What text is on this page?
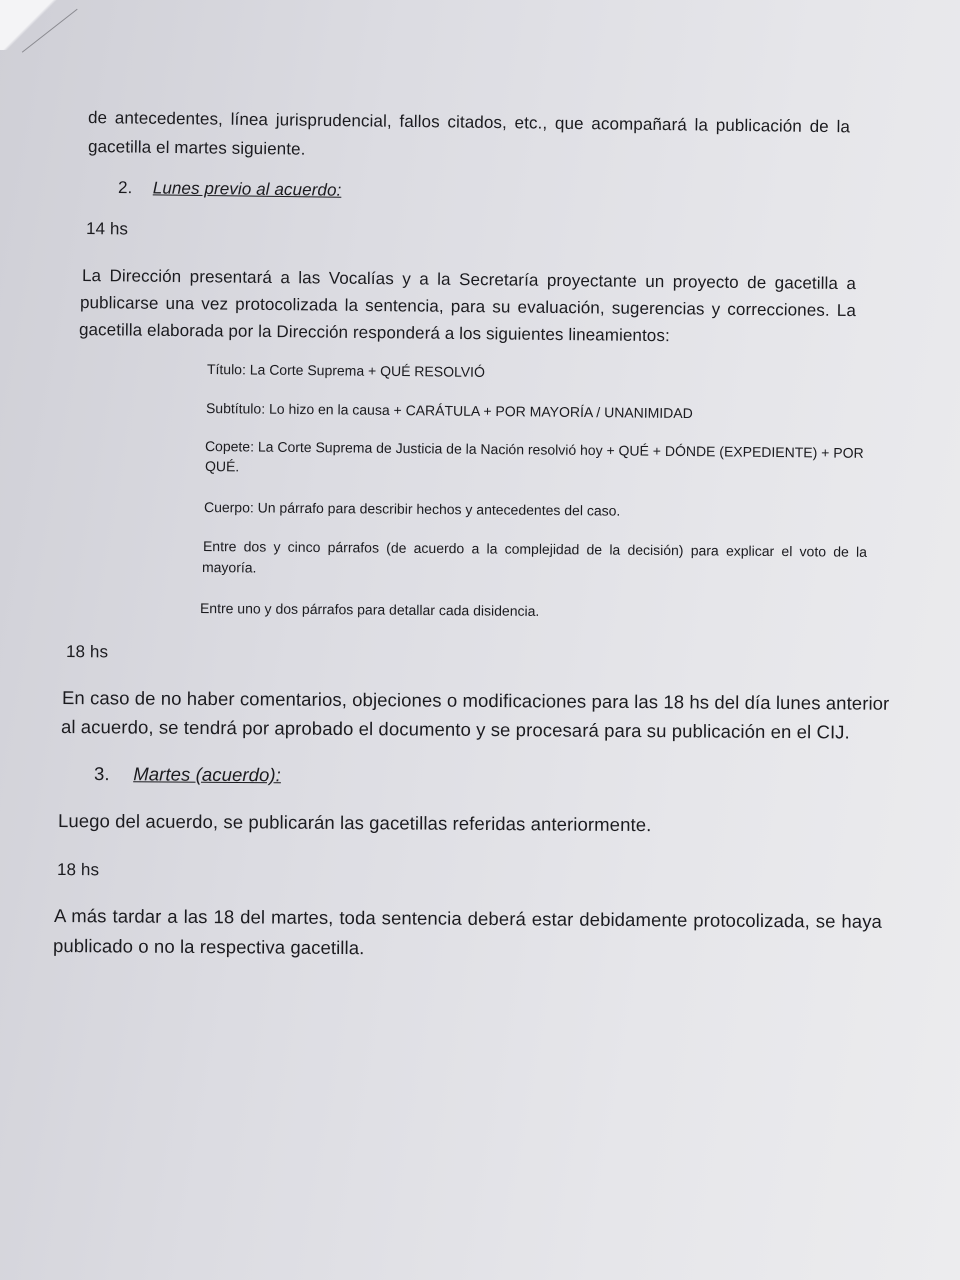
de antecedentes, línea jurisprudencial, fallos citados, etc., que acompañará la publicación de la
gacetilla el martes siguiente.
2. Lunes previo al acuerdo:
14 hs
La Dirección presentará a las Vocalías y a la Secretaría proyectante un proyecto de gacetilla a
publicarse una vez protocolizada la sentencia, para su evaluación, sugerencias y correcciones. La
gacetilla elaborada por la Dirección responderá a los siguientes lineamientos:
Título: La Corte Suprema + QUÉ RESOLVIÓ
Subtítulo: Lo hizo en la causa + CARÁTULA + POR MAYORÍA / UNANIMIDAD
Copete: La Corte Suprema de Justicia de la Nación resolvió hoy + QUÉ + DÓNDE (EXPEDIENTE) + POR
QUÉ.
Cuerpo: Un párrafo para describir hechos y antecedentes del caso.
Entre dos y cinco párrafos (de acuerdo a la complejidad de la decisión) para explicar el voto de la
mayoría.
Entre uno y dos párrafos para detallar cada disidencia.
18 hs
En caso de no haber comentarios, objeciones o modificaciones para las 18 hs del día lunes anterior
al acuerdo, se tendrá por aprobado el documento y se procesará para su publicación en el CIJ.
3. Martes (acuerdo):
Luego del acuerdo, se publicarán las gacetillas referidas anteriormente.
18 hs
A más tardar a las 18 del martes, toda sentencia deberá estar debidamente protocolizada, se haya
publicado o no la respectiva gacetilla.
